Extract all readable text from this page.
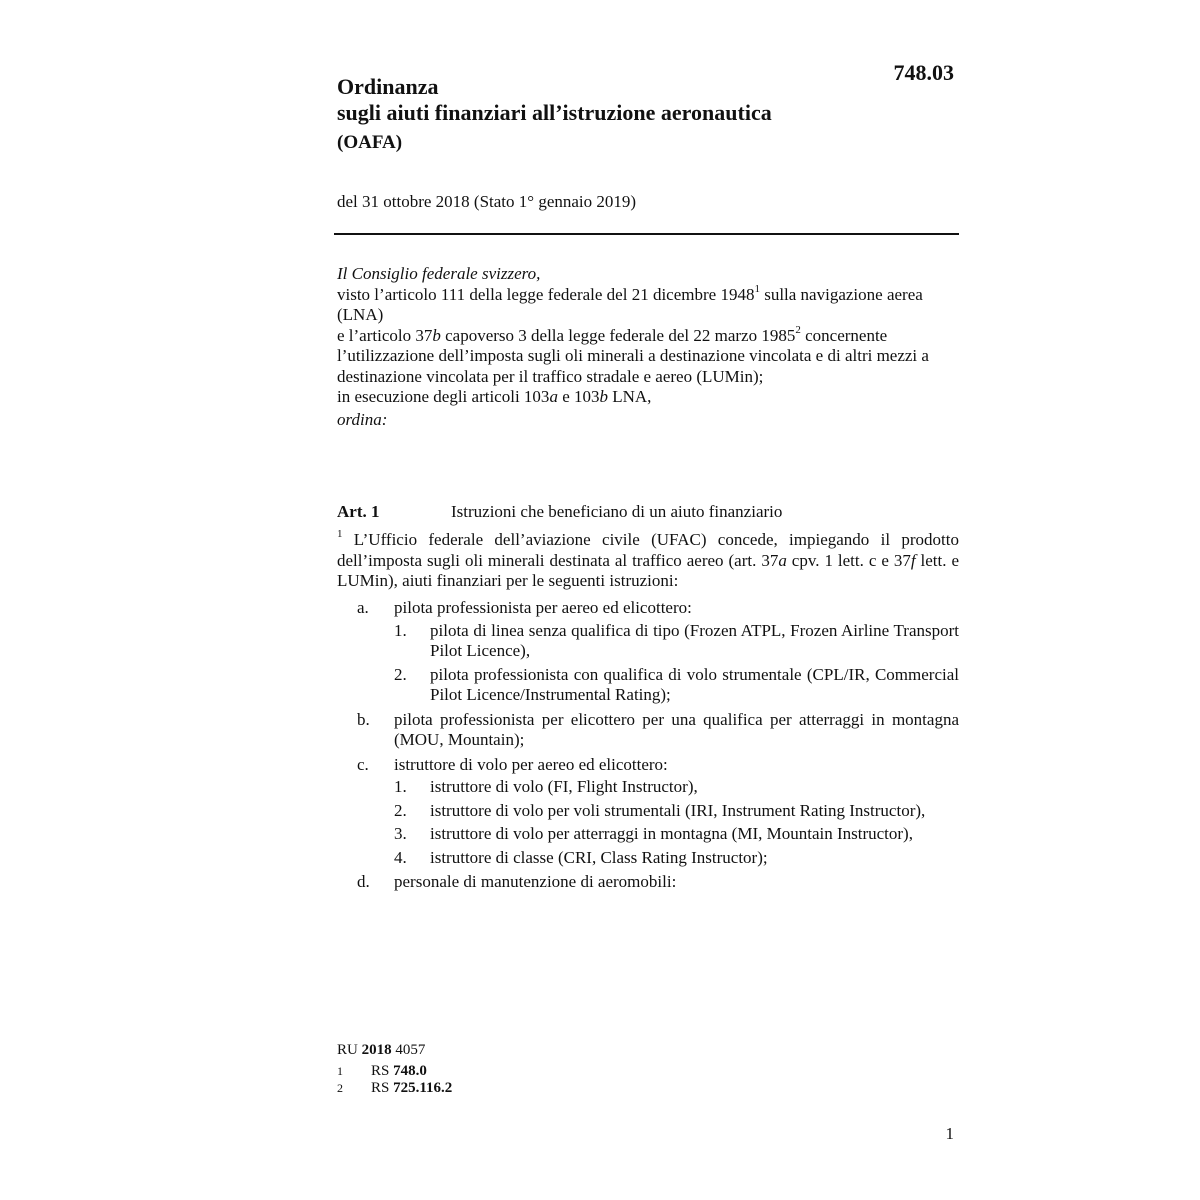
748.03
Ordinanza
sugli aiuti finanziari all’istruzione aeronautica
(OAFA)
del 31 ottobre 2018 (Stato 1° gennaio 2019)
Il Consiglio federale svizzero,
visto l’articolo 111 della legge federale del 21 dicembre 1948$^1$ sulla navigazione aerea (LNA)
e l’articolo 37b capoverso 3 della legge federale del 22 marzo 1985$^2$ concernente l’utilizzazione dell’imposta sugli oli minerali a destinazione vincolata e di altri mezzi a destinazione vincolata per il traffico stradale e aereo (LUMin);
in esecuzione degli articoli 103a e 103b LNA,
ordina:
Art. 1	Istruzioni che beneficiano di un aiuto finanziario
$^1$ L’Ufficio federale dell’aviazione civile (UFAC) concede, impiegando il prodotto dell’imposta sugli oli minerali destinata al traffico aereo (art. 37a cpv. 1 lett. c e 37f lett. e LUMin), aiuti finanziari per le seguenti istruzioni:
a. pilota professionista per aereo ed elicottero:
1. pilota di linea senza qualifica di tipo (Frozen ATPL, Frozen Airline Transport Pilot Licence),
2. pilota professionista con qualifica di volo strumentale (CPL/IR, Commercial Pilot Licence/Instrumental Rating);
b. pilota professionista per elicottero per una qualifica per atterraggi in montagna (MOU, Mountain);
c. istruttore di volo per aereo ed elicottero:
1. istruttore di volo (FI, Flight Instructor),
2. istruttore di volo per voli strumentali (IRI, Instrument Rating Instructor),
3. istruttore di volo per atterraggi in montagna (MI, Mountain Instructor),
4. istruttore di classe (CRI, Class Rating Instructor);
d. personale di manutenzione di aeromobili:
RU 2018 4057
1 RS 748.0
2 RS 725.116.2
1
